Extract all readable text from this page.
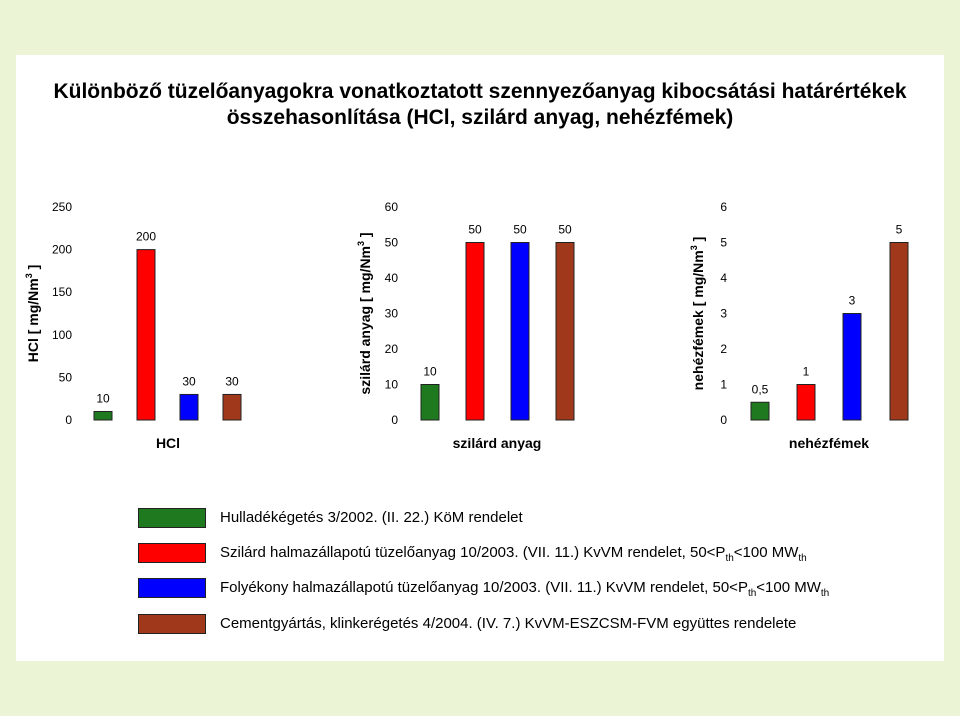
Különböző tüzelőanyagokra vonatkoztatott szennyezőanyag kibocsátási határértékek
összehasonlítása (HCl, szilárd anyag, nehézfémek)
0
50
100
150
200
250
10
200
30 30
HCl
HCl [ mg/Nm$^3$ ]
0
10
20
30
40
50
60
10
50	50	50
szilárd anyag
szilárd anyag [ mg/Nm$^3$ ]
0
1
2
3
4
5
6
0,5
1
3
5
nehézfémek
nehézfémek [ mg/Nm$^3$ ]
Hulladékégetés 3/2002. (II. 22.) KöM rendelet
Szilárd halmazállapotú tüzelőanyag 10/2003. (VII. 11.) KvVM rendelet, $50<P_{th}<100$ $MW_{th}$
Folyékony halmazállapotú tüzelőanyag 10/2003. (VII. 11.) KvVM rendelet, $50<P_{th}<100$ $MW_{th}$
Cementgyártás, klinkerégetés 4/2004. (IV. 7.) KvVM-ESZCSM-FVM együttes rendelete
